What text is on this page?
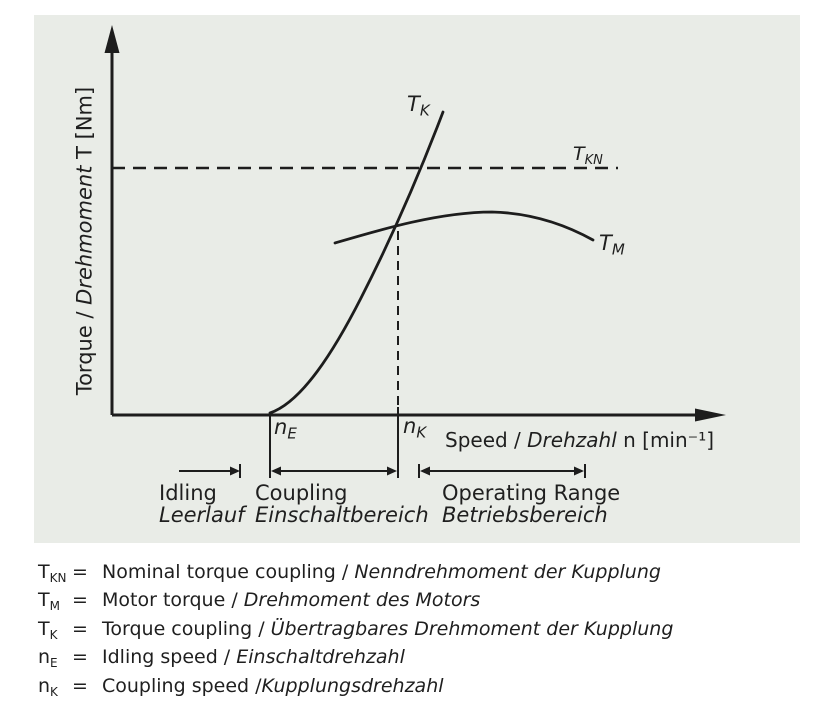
Torque / Drehmoment T [Nm]
Speed / Drehzahl n [min⁻¹]
$T_K$
$T_{KN}$
$T_M$
$n_E$	$n_K$
Idling
Leerlauf
Coupling
Einschaltbereich
Operating Range
Betriebsbereich
$T_{KN}$ = Nominal torque coupling / Nenndrehmoment der Kupplung
$T_M$ = Motor torque / Drehmoment des Motors
$T_K$ = Torque coupling / Übertragbares Drehmoment der Kupplung
$n_E$ = Idling speed / Einschaltdrehzahl
$n_K$ = Coupling speed /Kupplungsdrehzahl
